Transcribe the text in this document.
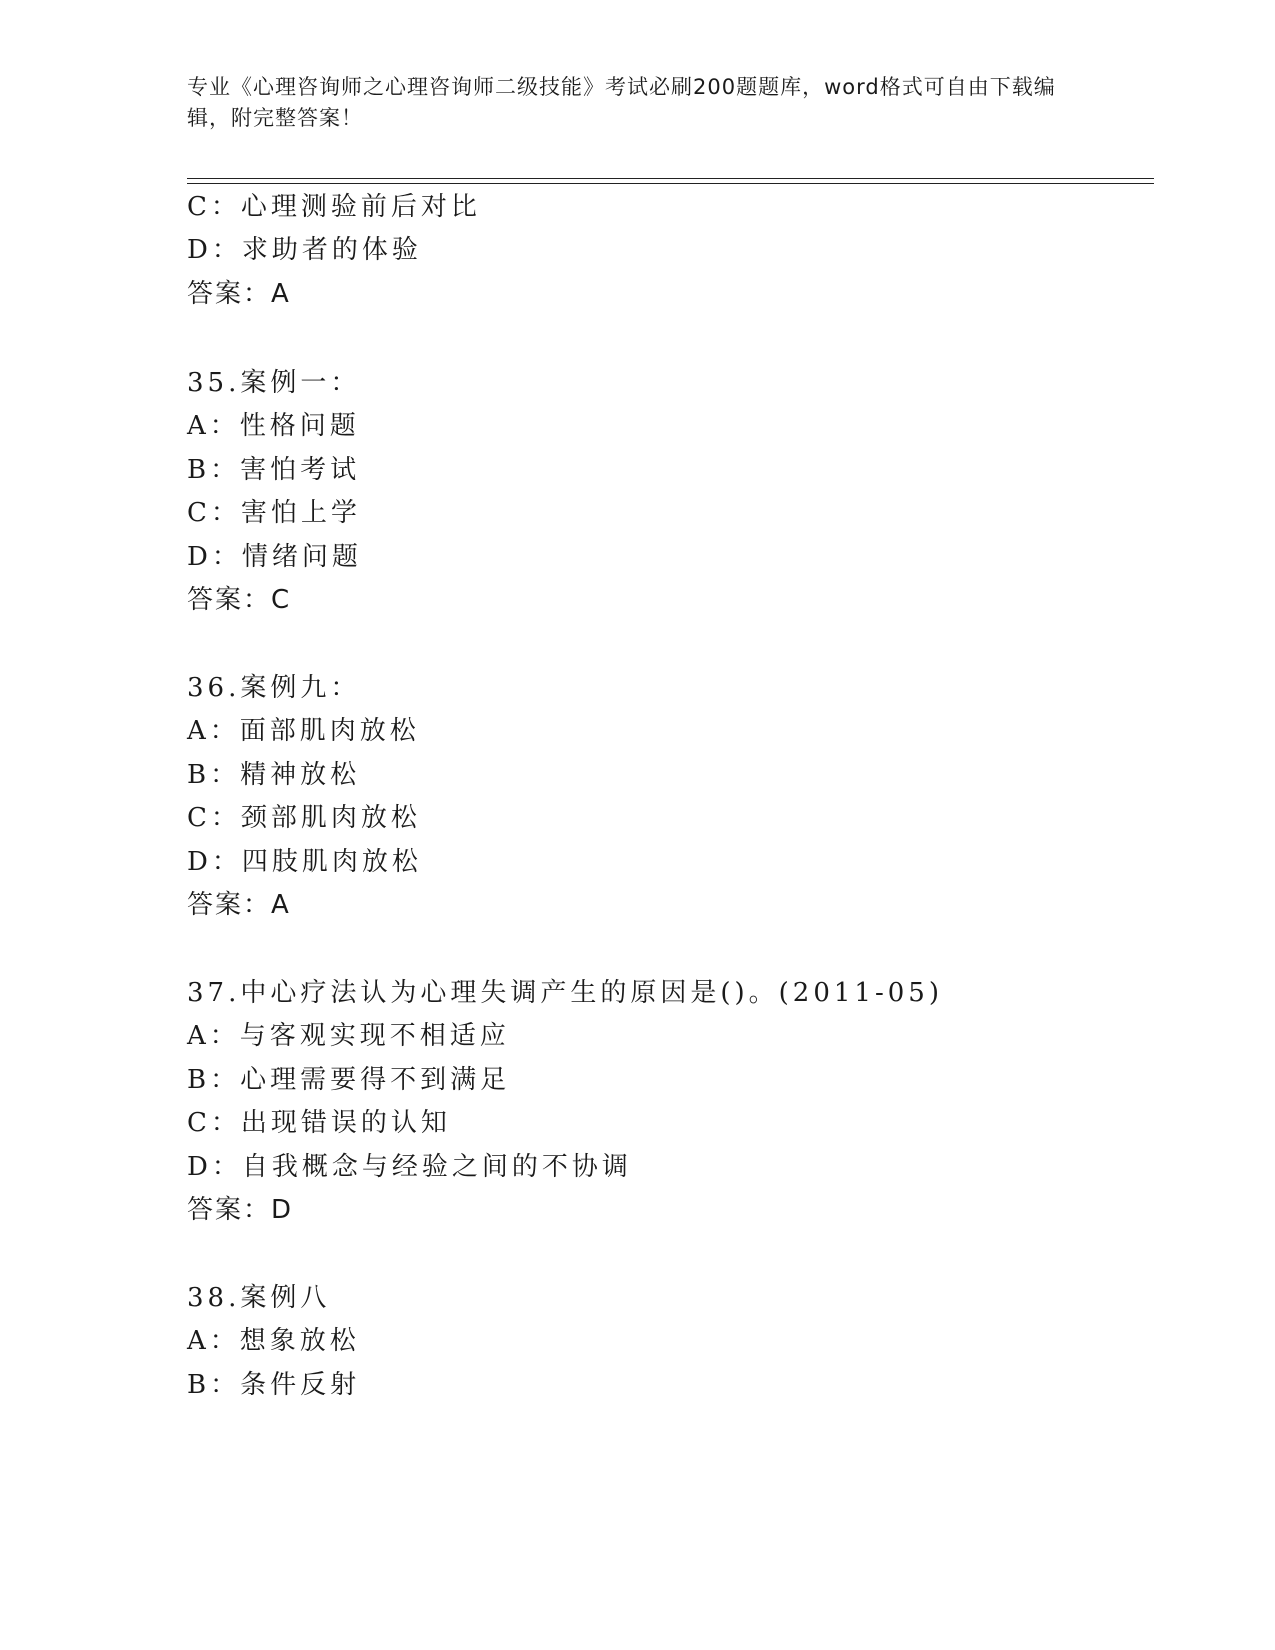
专业《心理咨询师之心理咨询师二级技能》考试必刷200题题库，word格式可自由下载编辑，附完整答案！
C：心理测验前后对比
D：求助者的体验
答案：A
35.案例一：
A：性格问题
B：害怕考试
C：害怕上学
D：情绪问题
答案：C
36.案例九：
A：面部肌肉放松
B：精神放松
C：颈部肌肉放松
D：四肢肌肉放松
答案：A
37.中心疗法认为心理失调产生的原因是()。(2011-05)
A：与客观实现不相适应
B：心理需要得不到满足
C：出现错误的认知
D：自我概念与经验之间的不协调
答案：D
38.案例八
A：想象放松
B：条件反射
